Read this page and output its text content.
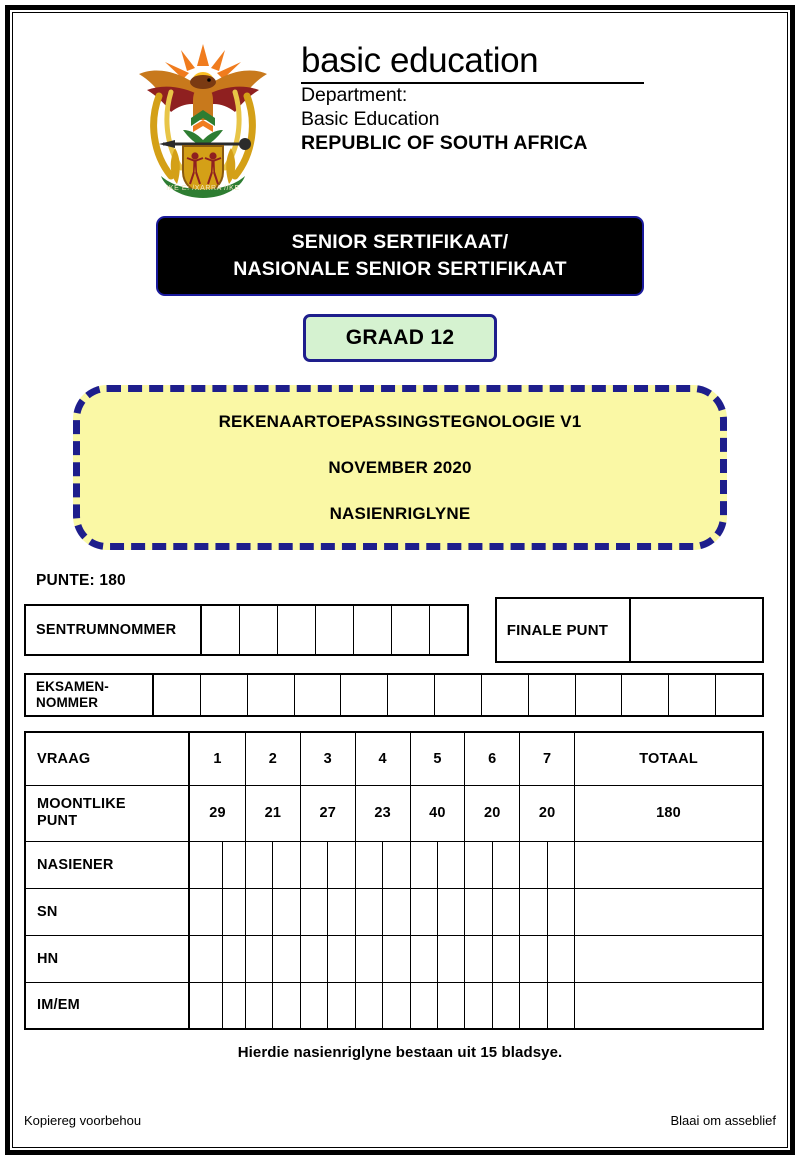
!KE E: /XARRA //KE
basic education
Department:
Basic Education
REPUBLIC OF SOUTH AFRICA
SENIOR SERTIFIKAAT/
NASIONALE SENIOR SERTIFIKAAT
GRAAD 12
REKENAARTOEPASSINGSTEGNOLOGIE V1
NOVEMBER 2020
NASIENRIGLYNE
PUNTE: 180
SENTRUMNOMMER	FINALE PUNT
EKSAMEN-
NOMMER
VRAAG	1		2		3		4		5		6		7		TOTAAL

MOONTLIKE
PUNT	29		21		27		23		40		20		20		180
NASIENER															
SN															
HN															
IM/EM															
Hierdie nasienriglyne bestaan uit 15 bladsye.
Kopiereg voorbehou	Blaai om asseblief
